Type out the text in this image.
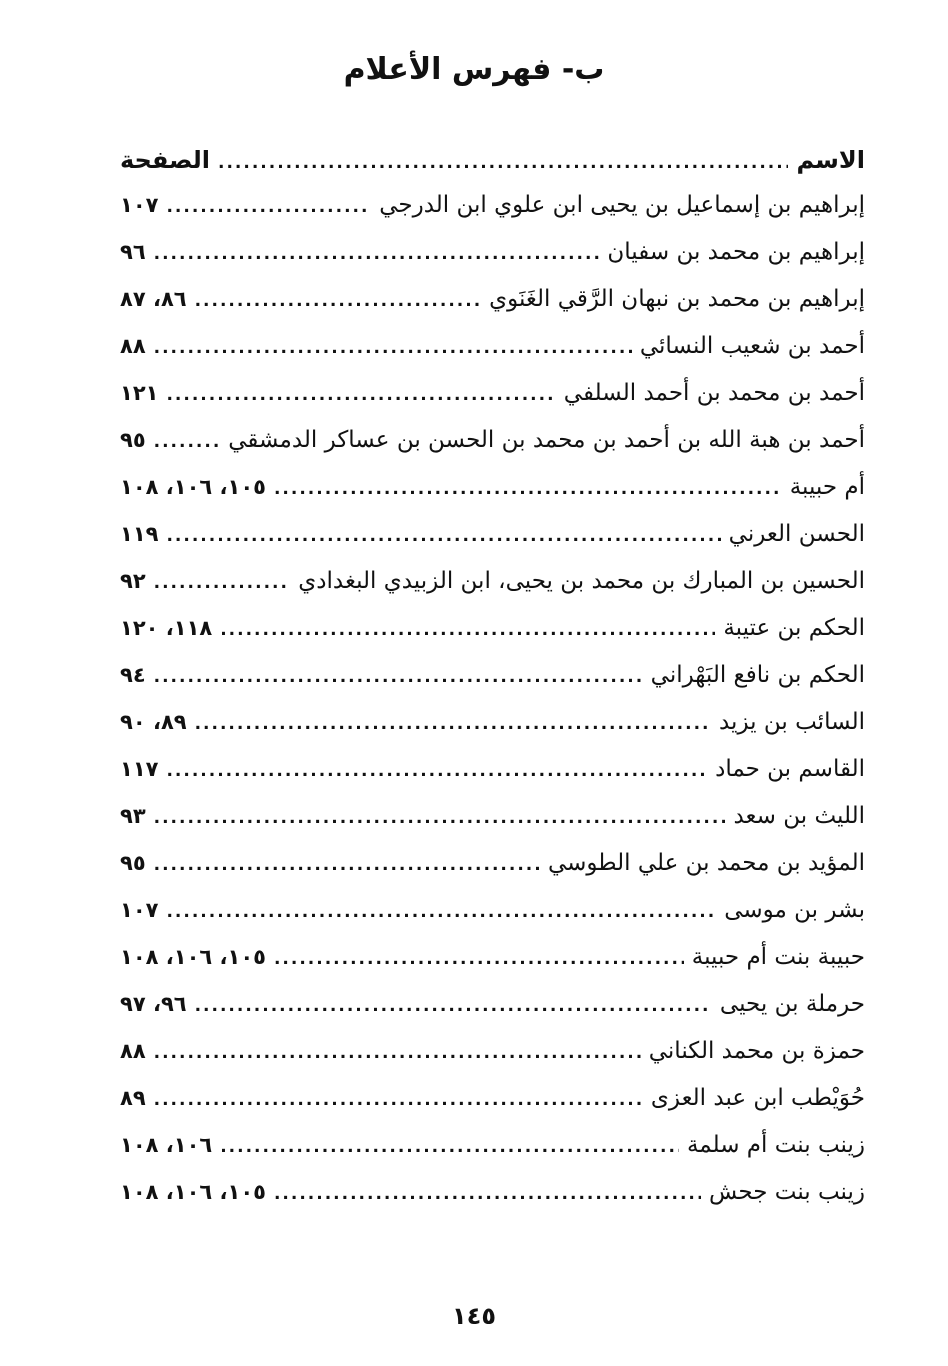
ب- فهرس الأعلام
الاسم
.....
الصفحة
إبراهيم بن إسماعيل بن يحيى ابن علوي ابن الدرجي
.....
١٠٧
إبراهيم بن محمد بن سفيان
.....
٩٦
إبراهيم بن محمد بن نبهان الرَّقي الغَنَوي
.....
٨٦، ٨٧
أحمد بن شعيب النسائي
.....
٨٨
أحمد بن محمد بن أحمد السلفي
.....
١٢١
أحمد بن هبة الله بن أحمد بن محمد بن الحسن بن عساكر الدمشقي
.....
٩٥
أم حبيبة
.....
١٠٥، ١٠٦، ١٠٨
الحسن العرني
.....
١١٩
الحسين بن المبارك بن محمد بن يحيى، ابن الزبيدي البغدادي
.....
٩٢
الحكم بن عتيبة
.....
١١٨، ١٢٠
الحكم بن نافع البَهْراني
.....
٩٤
السائب بن يزيد
.....
٨٩، ٩٠
القاسم بن حماد
.....
١١٧
الليث بن سعد
.....
٩٣
المؤيد بن محمد بن علي الطوسي
.....
٩٥
بشر بن موسى
.....
١٠٧
حبيبة بنت أم حبيبة
.....
١٠٥، ١٠٦، ١٠٨
حرملة بن يحيى
.....
٩٦، ٩٧
حمزة بن محمد الكناني
.....
٨٨
حُوَيْطب ابن عبد العزى
.....
٨٩
زينب بنت أم سلمة
.....
١٠٦، ١٠٨
زينب بنت جحش
.....
١٠٥، ١٠٦، ١٠٨
١٤٥
